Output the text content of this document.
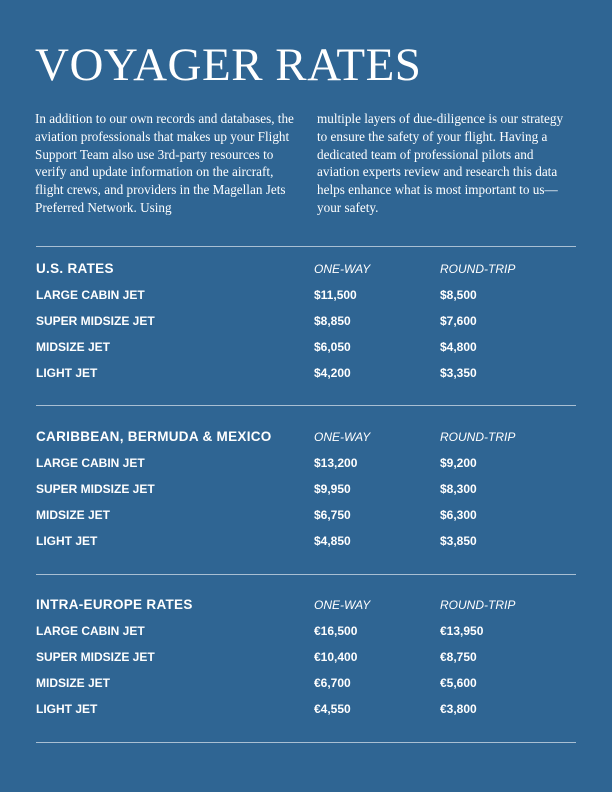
VOYAGER RATES

In addition to our own records and databases, the aviation professionals that makes up your Flight Support Team also use 3rd-party resources to verify and update information on the aircraft, flight crews, and providers in the Magellan Jets Preferred Network. Using

multiple layers of due-diligence is our strategy to ensure the safety of your flight. Having a dedicated team of professional pilots and aviation experts review and research this data helps enhance what is most important to us—your safety.

U.S. RATES	ONE-WAY	ROUND-TRIP
LARGE CABIN JET	$11,500	$8,500
SUPER MIDSIZE JET	$8,850	$7,600
MIDSIZE JET	$6,050	$4,800
LIGHT JET	$4,200	$3,350
CARIBBEAN, BERMUDA & MEXICO	ONE-WAY	ROUND-TRIP
LARGE CABIN JET	$13,200	$9,200
SUPER MIDSIZE JET	$9,950	$8,300
MIDSIZE JET	$6,750	$6,300
LIGHT JET	$4,850	$3,850
INTRA-EUROPE RATES	ONE-WAY	ROUND-TRIP
LARGE CABIN JET	€16,500	€13,950
SUPER MIDSIZE JET	€10,400	€8,750
MIDSIZE JET	€6,700	€5,600
LIGHT JET	€4,550	€3,800
